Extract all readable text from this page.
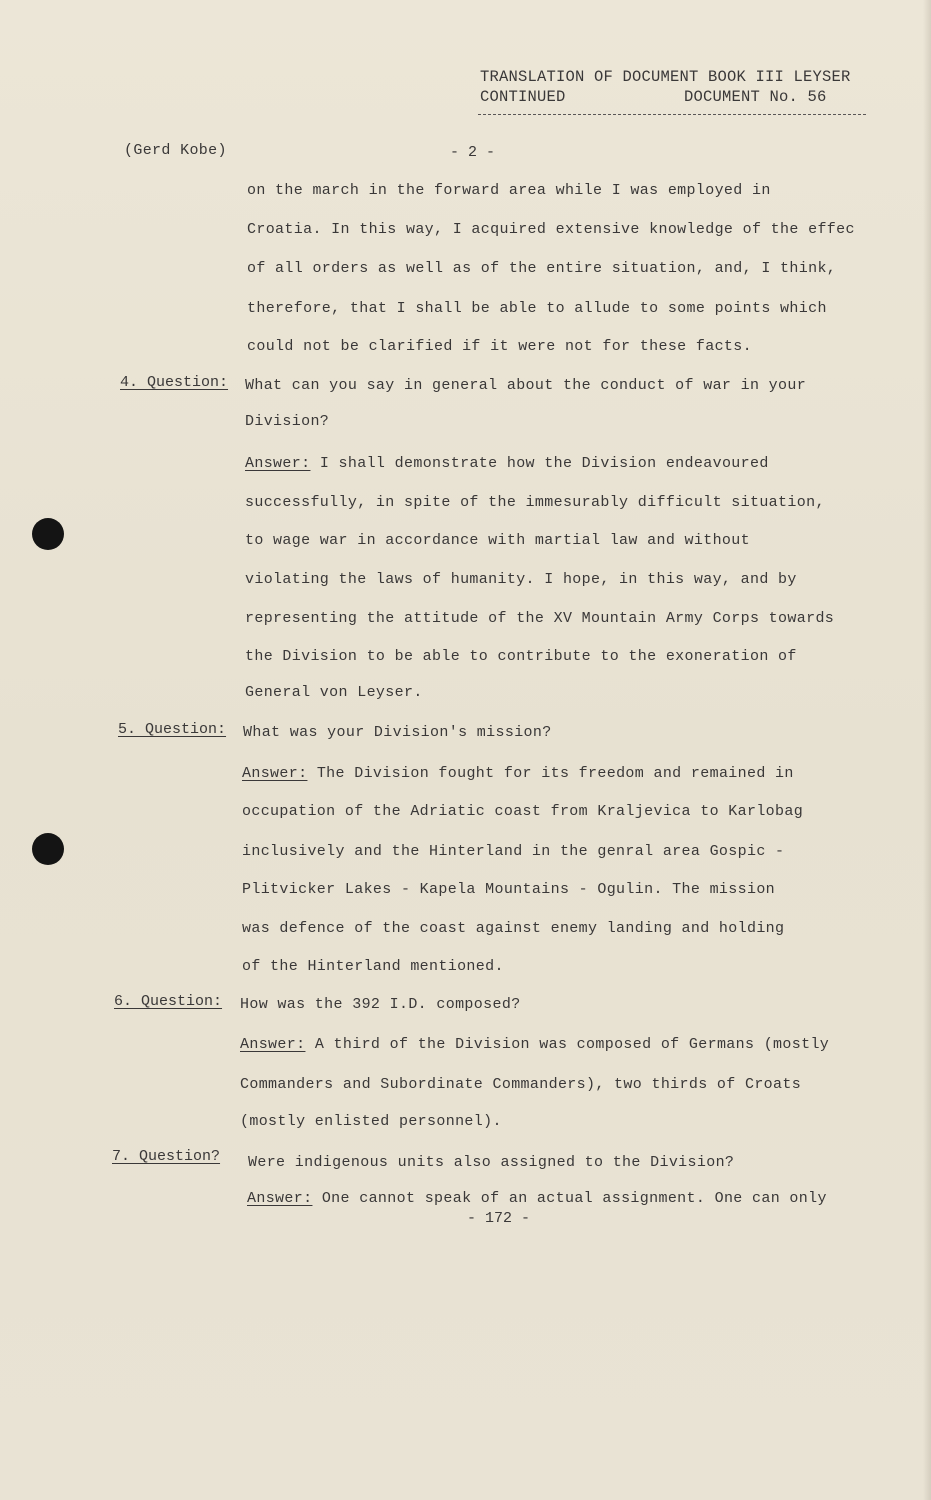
TRANSLATION OF DOCUMENT BOOK III LEYSER
CONTINUED	DOCUMENT No. 56
(Gerd Kobe)	- 2 -
on the march in the forward area while I was employed in
Croatia. In this way, I acquired extensive knowledge of the effec
of all orders as well as of the entire situation, and, I think,
therefore, that I shall be able to allude to some points which
could not be clarified if it were not for these facts.
4. Question: What can you say in general about the conduct of war in your
Division?
Answer: I shall demonstrate how the Division endeavoured
successfully, in spite of the immesurably difficult situation,
to wage war in accordance with martial law and without
violating the laws of humanity. I hope, in this way, and by
representing the attitude of the XV Mountain Army Corps towards
the Division to be able to contribute to the exoneration of
General von Leyser.
5. Question: What was your Division's mission?
Answer: The Division fought for its freedom and remained in
occupation of the Adriatic coast from Kraljevica to Karlobag
inclusively and the Hinterland in the genral area Gospic -
Plitvicker Lakes - Kapela Mountains - Ogulin. The mission
was defence of the coast against enemy landing and holding
of the Hinterland mentioned.
6. Question: How was the 392 I.D. composed?
Answer: A third of the Division was composed of Germans (mostly
Commanders and Subordinate Commanders), two thirds of Croats
(mostly enlisted personnel).
7. Question? Were indigenous units also assigned to the Division?
Answer: One cannot speak of an actual assignment. One can only
- 172 -
